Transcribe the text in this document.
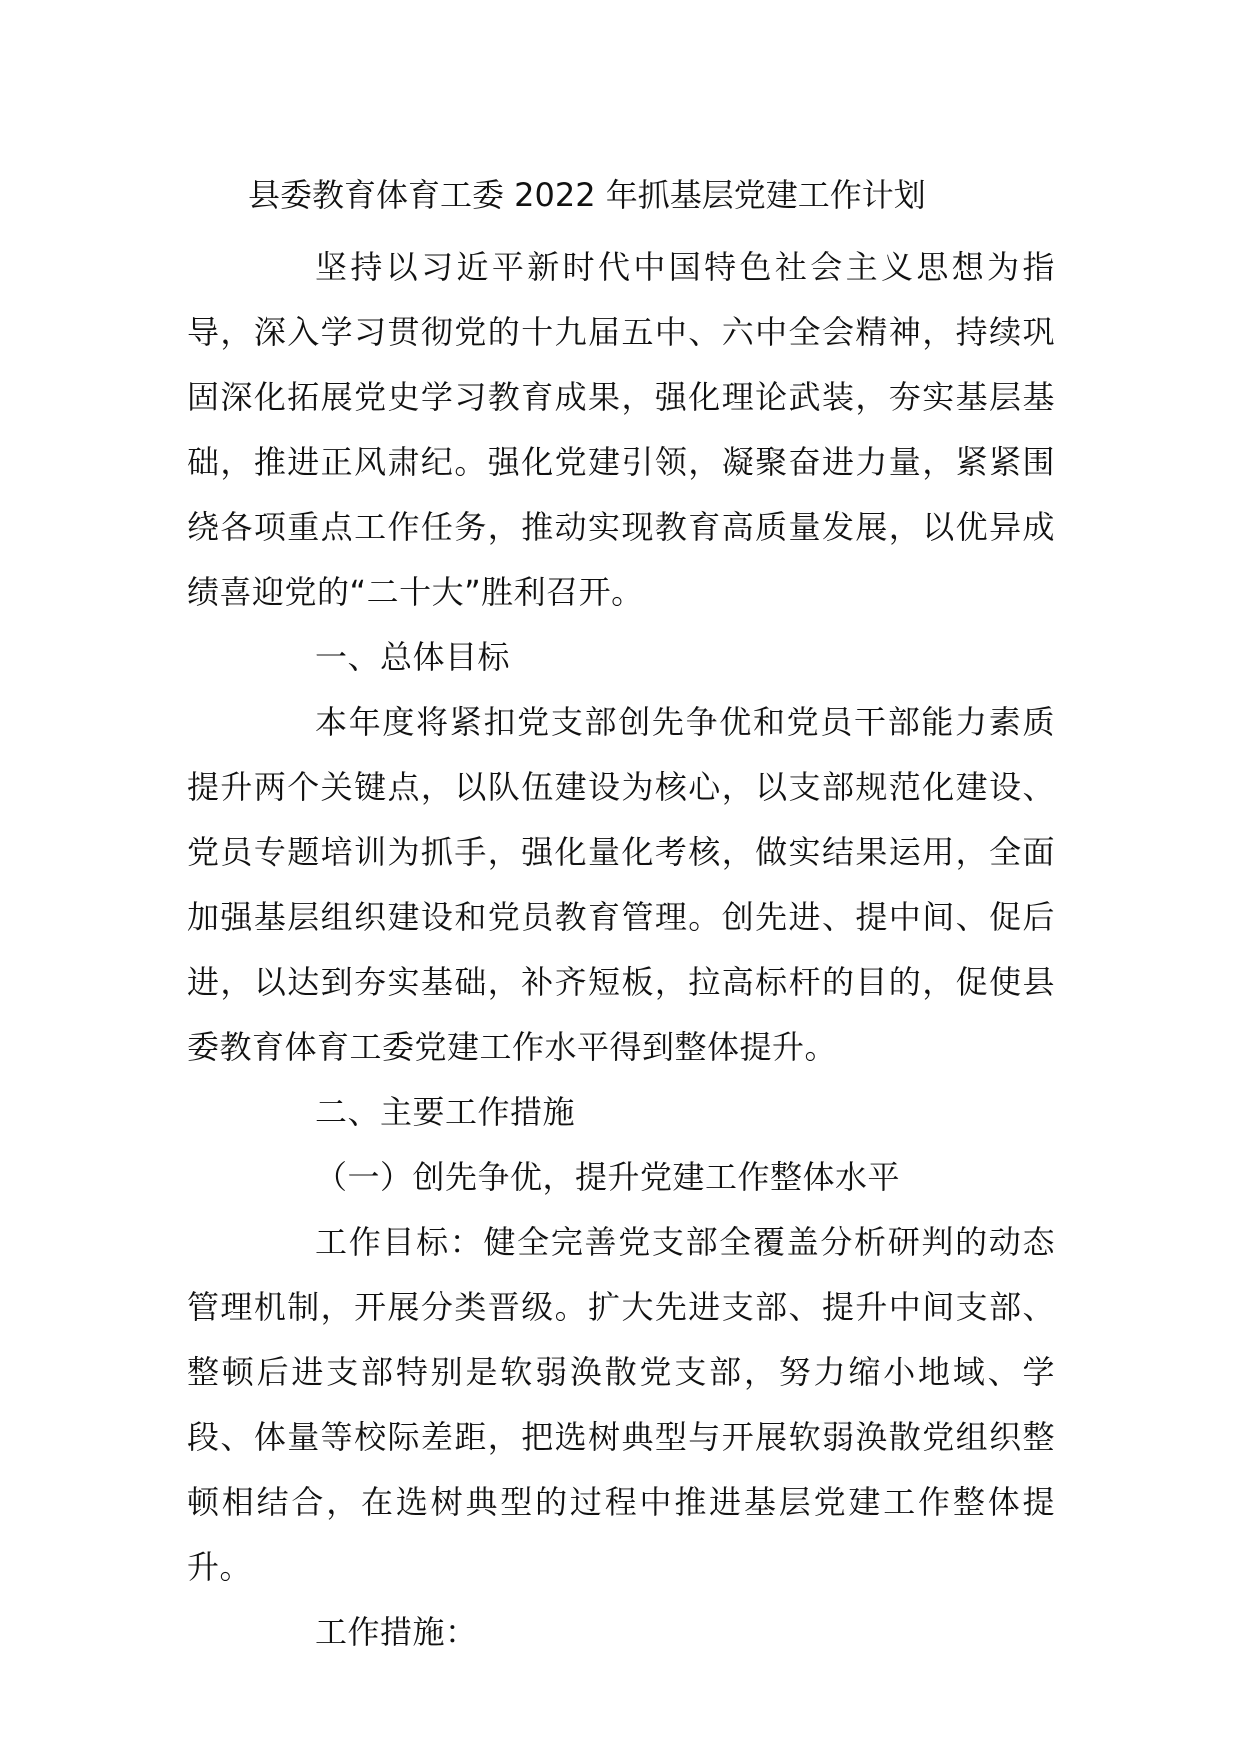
县委教育体育工委 2022 年抓基层党建工作计划

坚持以习近平新时代中国特色社会主义思想为指导，深入学习贯彻党的十九届五中、六中全会精神，持续巩固深化拓展党史学习教育成果，强化理论武装，夯实基层基础，推进正风肃纪。强化党建引领，凝聚奋进力量，紧紧围绕各项重点工作任务，推动实现教育高质量发展，以优异成绩喜迎党的“二十大”胜利召开。

一、总体目标

本年度将紧扣党支部创先争优和党员干部能力素质提升两个关键点，以队伍建设为核心，以支部规范化建设、党员专题培训为抓手，强化量化考核，做实结果运用，全面加强基层组织建设和党员教育管理。创先进、提中间、促后进，以达到夯实基础，补齐短板，拉高标杆的目的，促使县委教育体育工委党建工作水平得到整体提升。

二、主要工作措施

（一）创先争优，提升党建工作整体水平

工作目标：健全完善党支部全覆盖分析研判的动态管理机制，开展分类晋级。扩大先进支部、提升中间支部、整顿后进支部特别是软弱涣散党支部，努力缩小地域、学段、体量等校际差距，把选树典型与开展软弱涣散党组织整顿相结合，在选树典型的过程中推进基层党建工作整体提升。

工作措施：
